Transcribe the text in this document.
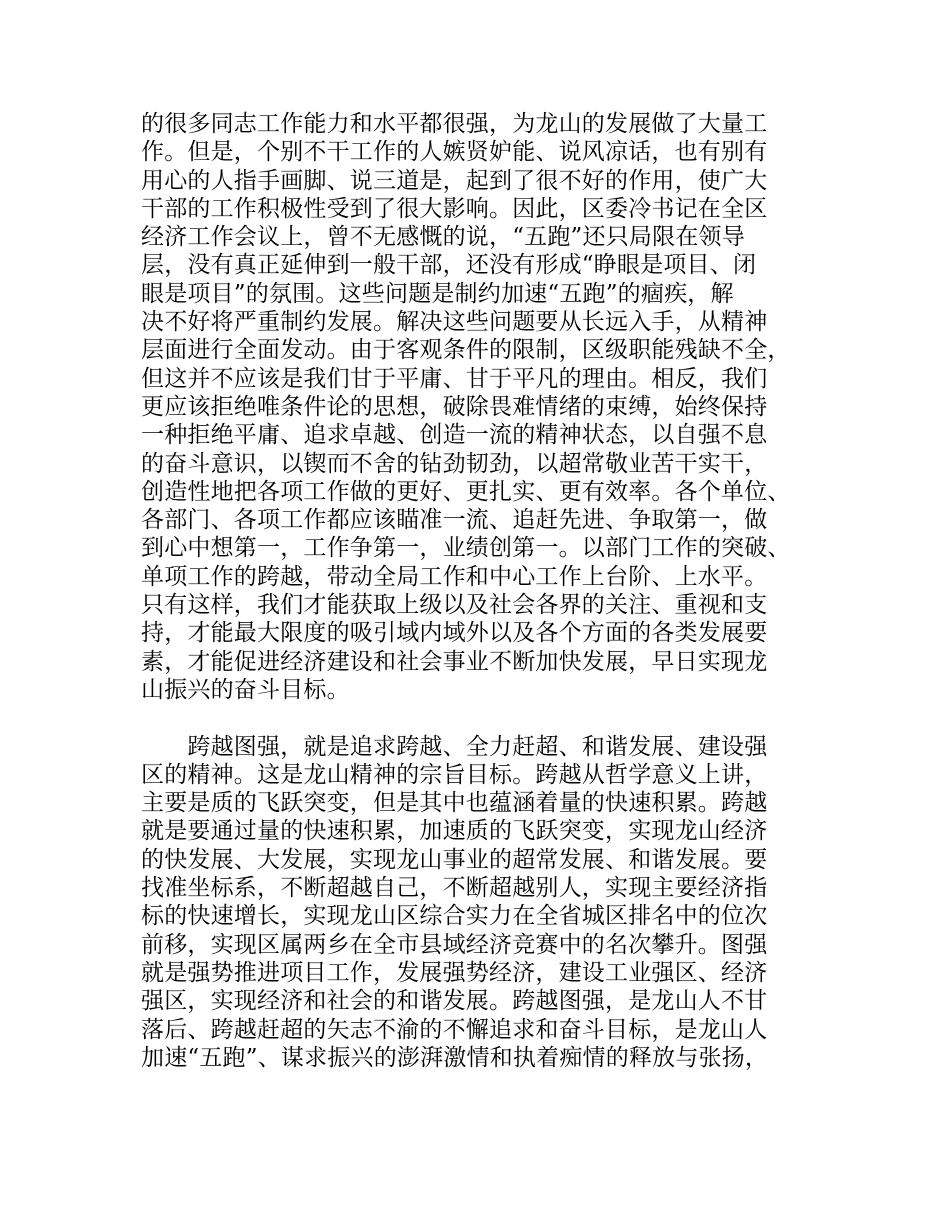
的很多同志工作能力和水平都很强，为龙山的发展做了大量工
作。但是，个别不干工作的人嫉贤妒能、说风凉话，也有别有
用心的人指手画脚、说三道是，起到了很不好的作用，使广大
干部的工作积极性受到了很大影响。因此，区委冷书记在全区
经济工作会议上，曾不无感慨的说，“五跑”还只局限在领导
层，没有真正延伸到一般干部，还没有形成“睁眼是项目、闭
眼是项目”的氛围。这些问题是制约加速“五跑”的痼疾，解
决不好将严重制约发展。解决这些问题要从长远入手，从精神
层面进行全面发动。由于客观条件的限制，区级职能残缺不全，
但这并不应该是我们甘于平庸、甘于平凡的理由。相反，我们
更应该拒绝唯条件论的思想，破除畏难情绪的束缚，始终保持
一种拒绝平庸、追求卓越、创造一流的精神状态，以自强不息
的奋斗意识，以锲而不舍的钻劲韧劲，以超常敬业苦干实干，
创造性地把各项工作做的更好、更扎实、更有效率。各个单位、
各部门、各项工作都应该瞄准一流、追赶先进、争取第一，做
到心中想第一，工作争第一，业绩创第一。以部门工作的突破、
单项工作的跨越，带动全局工作和中心工作上台阶、上水平。
只有这样，我们才能获取上级以及社会各界的关注、重视和支
持，才能最大限度的吸引域内域外以及各个方面的各类发展要
素，才能促进经济建设和社会事业不断加快发展，早日实现龙
山振兴的奋斗目标。
　　跨越图强，就是追求跨越、全力赶超、和谐发展、建设强
区的精神。这是龙山精神的宗旨目标。跨越从哲学意义上讲，
主要是质的飞跃突变，但是其中也蕴涵着量的快速积累。跨越
就是要通过量的快速积累，加速质的飞跃突变，实现龙山经济
的快发展、大发展，实现龙山事业的超常发展、和谐发展。要
找准坐标系，不断超越自己，不断超越别人，实现主要经济指
标的快速增长，实现龙山区综合实力在全省城区排名中的位次
前移，实现区属两乡在全市县域经济竞赛中的名次攀升。图强
就是强势推进项目工作，发展强势经济，建设工业强区、经济
强区，实现经济和社会的和谐发展。跨越图强，是龙山人不甘
落后、跨越赶超的矢志不渝的不懈追求和奋斗目标，是龙山人
加速“五跑”、谋求振兴的澎湃激情和执着痴情的释放与张扬，
